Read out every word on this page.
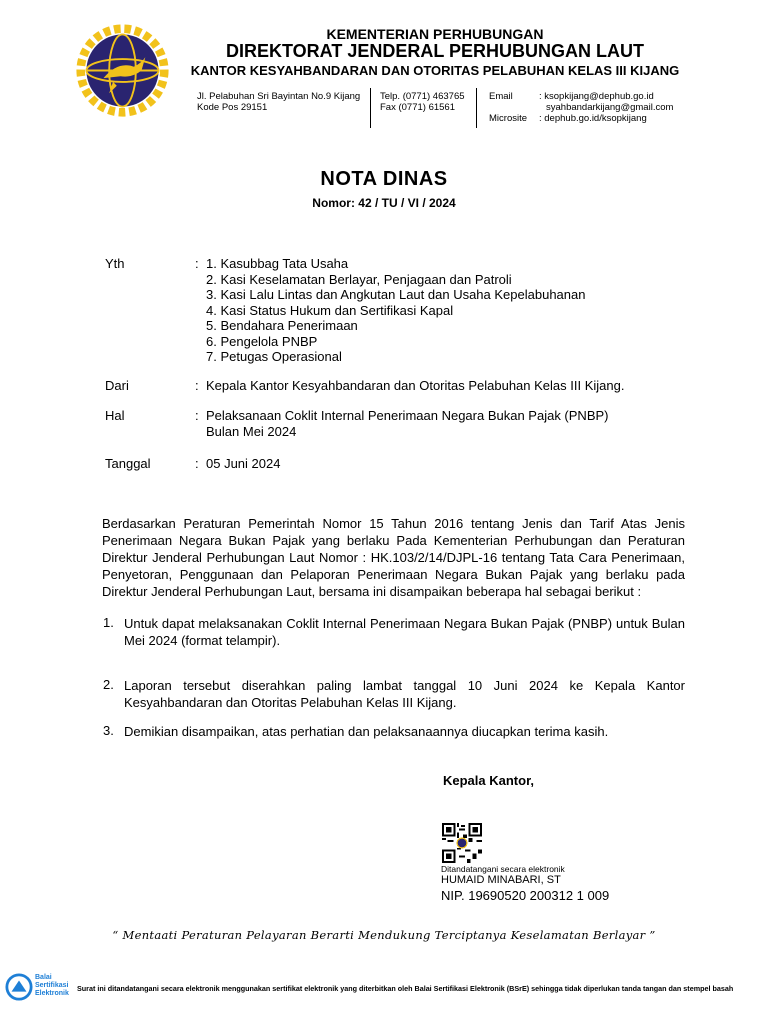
KEMENTERIAN PERHUBUNGAN
DIREKTORAT JENDERAL PERHUBUNGAN LAUT
KANTOR KESYAHBANDARAN DAN OTORITAS PELABUHAN KELAS III KIJANG
Jl. Pelabuhan Sri Bayintan No.9 Kijang
Kode Pos 29151
Telp. (0771) 463765
Fax (0771) 61561
Email	: ksopkijang@dephub.go.id
syahbandarkijang@gmail.com
Microsite : dephub.go.id/ksopkijang
NOTA DINAS
Nomor: 42 / TU / VI / 2024
Yth	: 1. Kasubbag Tata Usaha
2. Kasi Keselamatan Berlayar, Penjagaan dan Patroli
3. Kasi Lalu Lintas dan Angkutan Laut dan Usaha Kepelabuhanan
4. Kasi Status Hukum dan Sertifikasi Kapal
5. Bendahara Penerimaan
6. Pengelola PNBP
7. Petugas Operasional
Dari	: Kepala Kantor Kesyahbandaran dan Otoritas Pelabuhan Kelas III Kijang.
Hal	: Pelaksanaan Coklit Internal Penerimaan Negara Bukan Pajak (PNBP)
Bulan Mei 2024
Tanggal	: 05 Juni 2024
Berdasarkan Peraturan Pemerintah Nomor 15 Tahun 2016 tentang Jenis dan Tarif Atas Jenis Penerimaan Negara Bukan Pajak yang berlaku Pada Kementerian Perhubungan dan Peraturan Direktur Jenderal Perhubungan Laut Nomor : HK.103/2/14/DJPL-16 tentang Tata Cara Penerimaan, Penyetoran, Penggunaan dan Pelaporan Penerimaan Negara Bukan Pajak yang berlaku pada Direktur Jenderal Perhubungan Laut, bersama ini disampaikan beberapa hal sebagai berikut :
1. Untuk dapat melaksanakan Coklit Internal Penerimaan Negara Bukan Pajak (PNBP) untuk Bulan Mei 2024 (format telampir).
2. Laporan tersebut diserahkan paling lambat tanggal 10 Juni 2024 ke Kepala Kantor Kesyahbandaran dan Otoritas Pelabuhan Kelas III Kijang.
3. Demikian disampaikan, atas perhatian dan pelaksanaannya diucapkan terima kasih.
Kepala Kantor,
Ditandatangani secara elektronik
HUMAID MINABARI, ST
NIP. 19690520 200312 1 009
“ Mentaati Peraturan Pelayaran Berarti Mendukung Terciptanya Keselamatan Berlayar ”
Balai
Sertifikasi
Elektronik
Surat ini ditandatangani secara elektronik menggunakan sertifikat elektronik yang diterbitkan oleh Balai Sertifikasi Elektronik (BSrE) sehingga tidak diperlukan tanda tangan dan stempel basah
